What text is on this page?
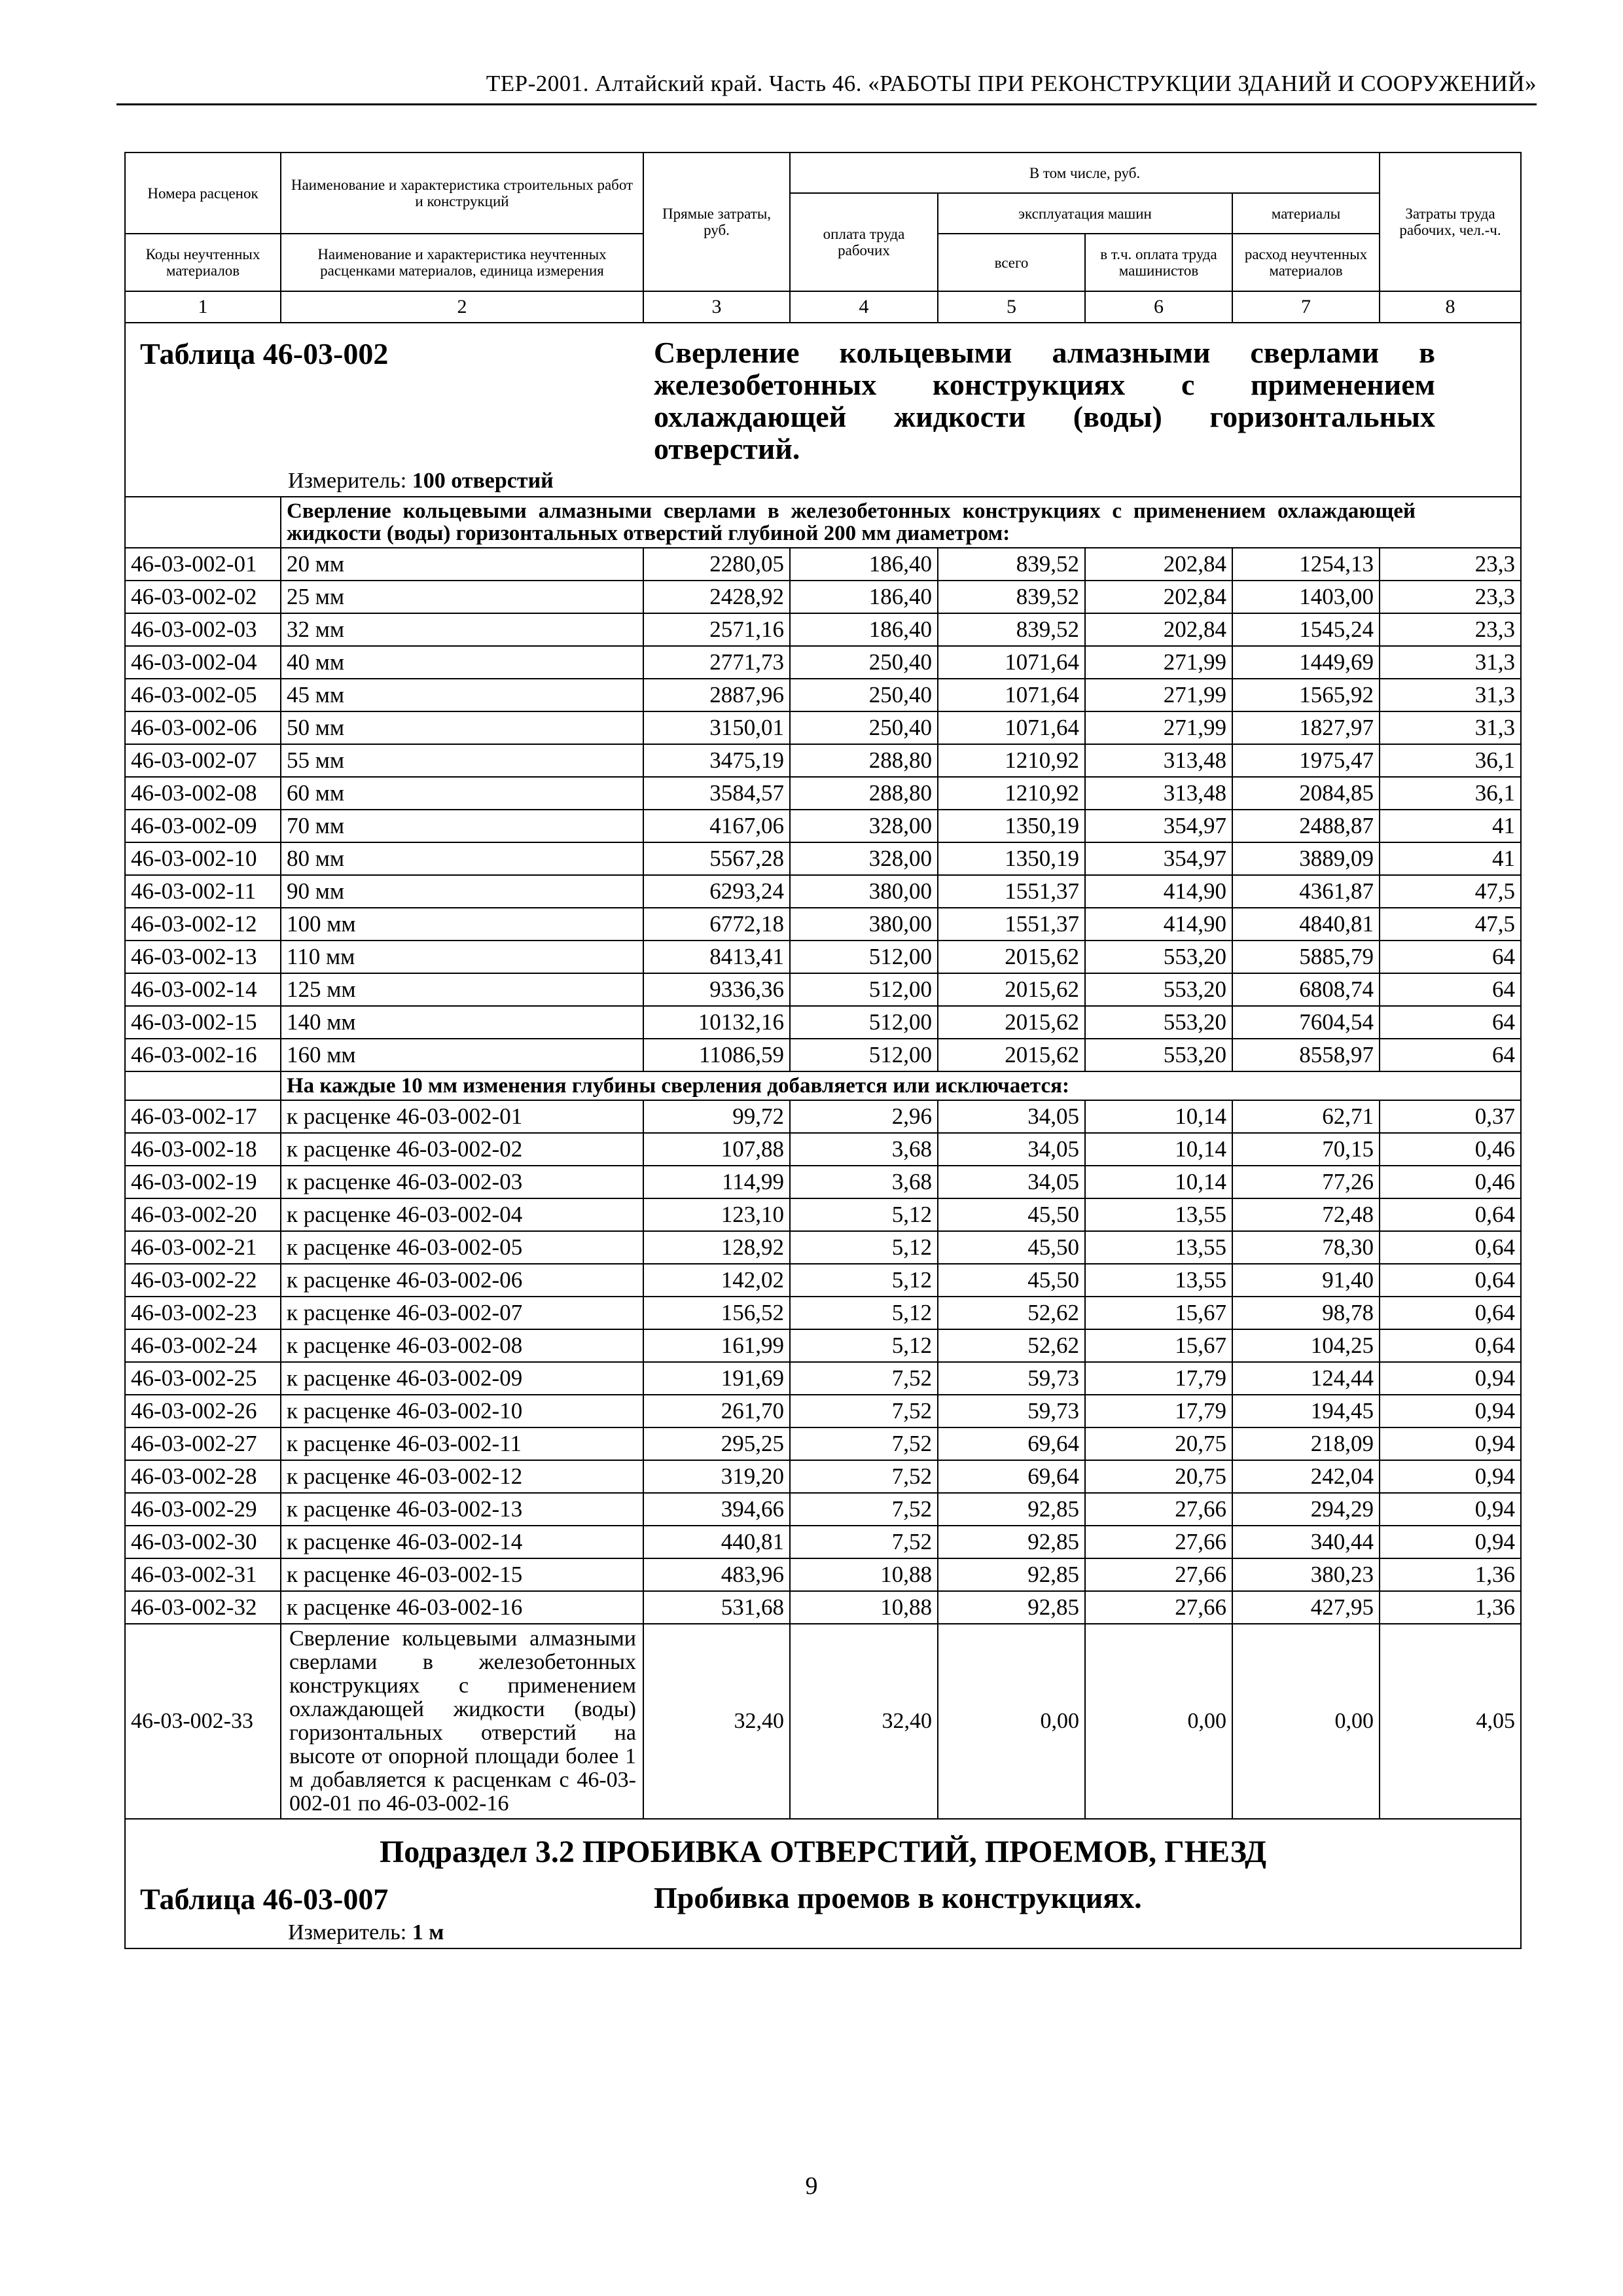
ТЕР-2001. Алтайский край. Часть 46. «РАБОТЫ ПРИ РЕКОНСТРУКЦИИ ЗДАНИЙ И СООРУЖЕНИЙ»
Номера расценок	Наименование и характеристика строительных работ и конструкций	Прямые затраты, руб.	В том числе, руб.				Затраты труда рабочих, чел.-ч.
			оплата труда рабочих	эксплуатация машин		материалы	
Коды неучтенных материалов	Наименование и характеристика неучтенных расценками материалов, единица измерения			всего	в т.ч. оплата труда машинистов	расход неучтенных материалов	
1	2	3	4	5	6	7	8

Таблица 46-03-002 Сверление кольцевыми алмазными сверлами в железобетонных конструкциях с применением охлаждающей жидкости (воды) горизонтальных отверстий.
Измеритель: 100 отверстий							

	Сверление кольцевыми алмазными сверлами в железобетонных конструкциях с применением охлаждающей жидкости (воды) горизонтальных отверстий глубиной 200 мм диаметром:						
46-03-002-01	20 мм	2280,05	186,40	839,52	202,84	1254,13	23,3
46-03-002-02	25 мм	2428,92	186,40	839,52	202,84	1403,00	23,3
46-03-002-03	32 мм	2571,16	186,40	839,52	202,84	1545,24	23,3
46-03-002-04	40 мм	2771,73	250,40	1071,64	271,99	1449,69	31,3
46-03-002-05	45 мм	2887,96	250,40	1071,64	271,99	1565,92	31,3
46-03-002-06	50 мм	3150,01	250,40	1071,64	271,99	1827,97	31,3
46-03-002-07	55 мм	3475,19	288,80	1210,92	313,48	1975,47	36,1
46-03-002-08	60 мм	3584,57	288,80	1210,92	313,48	2084,85	36,1
46-03-002-09	70 мм	4167,06	328,00	1350,19	354,97	2488,87	41
46-03-002-10	80 мм	5567,28	328,00	1350,19	354,97	3889,09	41
46-03-002-11	90 мм	6293,24	380,00	1551,37	414,90	4361,87	47,5
46-03-002-12	100 мм	6772,18	380,00	1551,37	414,90	4840,81	47,5
46-03-002-13	110 мм	8413,41	512,00	2015,62	553,20	5885,79	64
46-03-002-14	125 мм	9336,36	512,00	2015,62	553,20	6808,74	64
46-03-002-15	140 мм	10132,16	512,00	2015,62	553,20	7604,54	64
46-03-002-16	160 мм	11086,59	512,00	2015,62	553,20	8558,97	64
	На каждые 10 мм изменения глубины сверления добавляется или исключается:						
46-03-002-17	к расценке 46-03-002-01	99,72	2,96	34,05	10,14	62,71	0,37
46-03-002-18	к расценке 46-03-002-02	107,88	3,68	34,05	10,14	70,15	0,46
46-03-002-19	к расценке 46-03-002-03	114,99	3,68	34,05	10,14	77,26	0,46
46-03-002-20	к расценке 46-03-002-04	123,10	5,12	45,50	13,55	72,48	0,64
46-03-002-21	к расценке 46-03-002-05	128,92	5,12	45,50	13,55	78,30	0,64
46-03-002-22	к расценке 46-03-002-06	142,02	5,12	45,50	13,55	91,40	0,64
46-03-002-23	к расценке 46-03-002-07	156,52	5,12	52,62	15,67	98,78	0,64
46-03-002-24	к расценке 46-03-002-08	161,99	5,12	52,62	15,67	104,25	0,64
46-03-002-25	к расценке 46-03-002-09	191,69	7,52	59,73	17,79	124,44	0,94
46-03-002-26	к расценке 46-03-002-10	261,70	7,52	59,73	17,79	194,45	0,94
46-03-002-27	к расценке 46-03-002-11	295,25	7,52	69,64	20,75	218,09	0,94
46-03-002-28	к расценке 46-03-002-12	319,20	7,52	69,64	20,75	242,04	0,94
46-03-002-29	к расценке 46-03-002-13	394,66	7,52	92,85	27,66	294,29	0,94
46-03-002-30	к расценке 46-03-002-14	440,81	7,52	92,85	27,66	340,44	0,94
46-03-002-31	к расценке 46-03-002-15	483,96	10,88	92,85	27,66	380,23	1,36
46-03-002-32	к расценке 46-03-002-16	531,68	10,88	92,85	27,66	427,95	1,36
46-03-002-33	Сверление кольцевыми алмазными сверлами в железобетонных конструкциях с применением охлаждающей жидкости (воды) горизонтальных отверстий на высоте от опорной площади более 1 м добавляется к расценкам с 46-03-002-01 по 46-03-002-16	32,40	32,40	0,00	0,00	0,00	4,05

Подраздел 3.2 ПРОБИВКА ОТВЕРСТИЙ, ПРОЕМОВ, ГНЕЗД
Таблица 46-03-007 Пробивка проемов в конструкциях.
Измеритель: 1 м							
9
